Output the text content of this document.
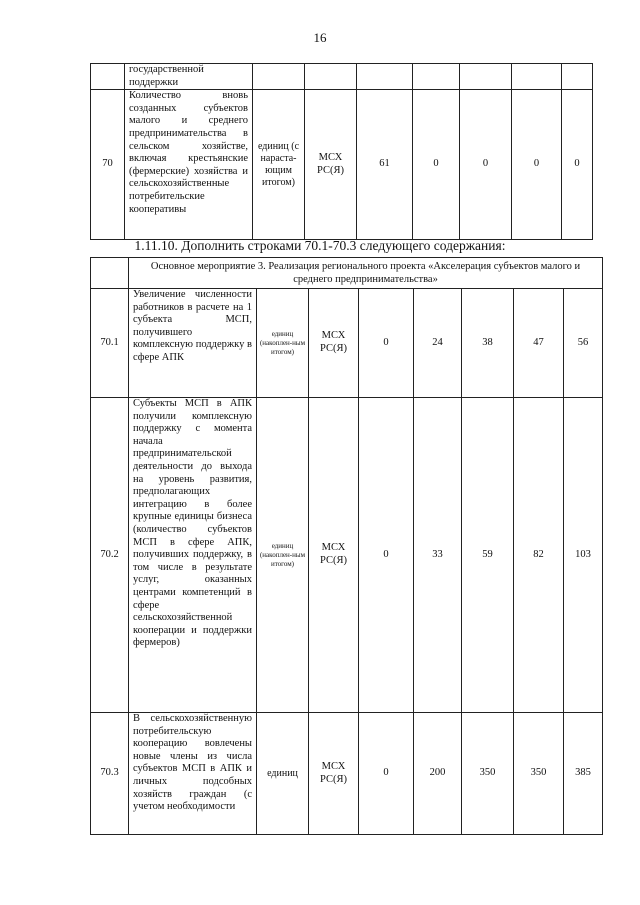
16
	государственной поддержки							
70	Количество вновь созданных субъектов малого и среднего предпринимательства в сельском хозяйстве, включая крестьянские (фермерские) хозяйства и сельскохозяйственные потребительские кооперативы	единиц (с нараста-ющим итогом)	МСХ РС(Я)	61	0	0	0	0
1.11.10. Дополнить строками 70.1-70.3 следующего содержания:
	Основное мероприятие 3. Реализация регионального проекта «Акселерация субъектов малого и среднего предпринимательства»							
70.1	Увеличение численности работников в расчете на 1 субъекта МСП, получившего комплексную поддержку в сфере АПК	единиц (накоплен-ным итогом)	МСХ РС(Я)	0	24	38	47	56
70.2	Субъекты МСП в АПК получили комплексную поддержку с момента начала предпринимательской деятельности до выхода на уровень развития, предполагающих интеграцию в более крупные единицы бизнеса (количество субъектов МСП в сфере АПК, получивших поддержку, в том числе в результате услуг, оказанных центрами компетенций в сфере сельскохозяйственной кооперации и поддержки фермеров)	единиц (накоплен-ным итогом)	МСХ РС(Я)	0	33	59	82	103
70.3	В сельскохозяйственную потребительскую кооперацию вовлечены новые члены из числа субъектов МСП в АПК и личных подсобных хозяйств граждан (с учетом необходимости	единиц	МСХ РС(Я)	0	200	350	350	385
